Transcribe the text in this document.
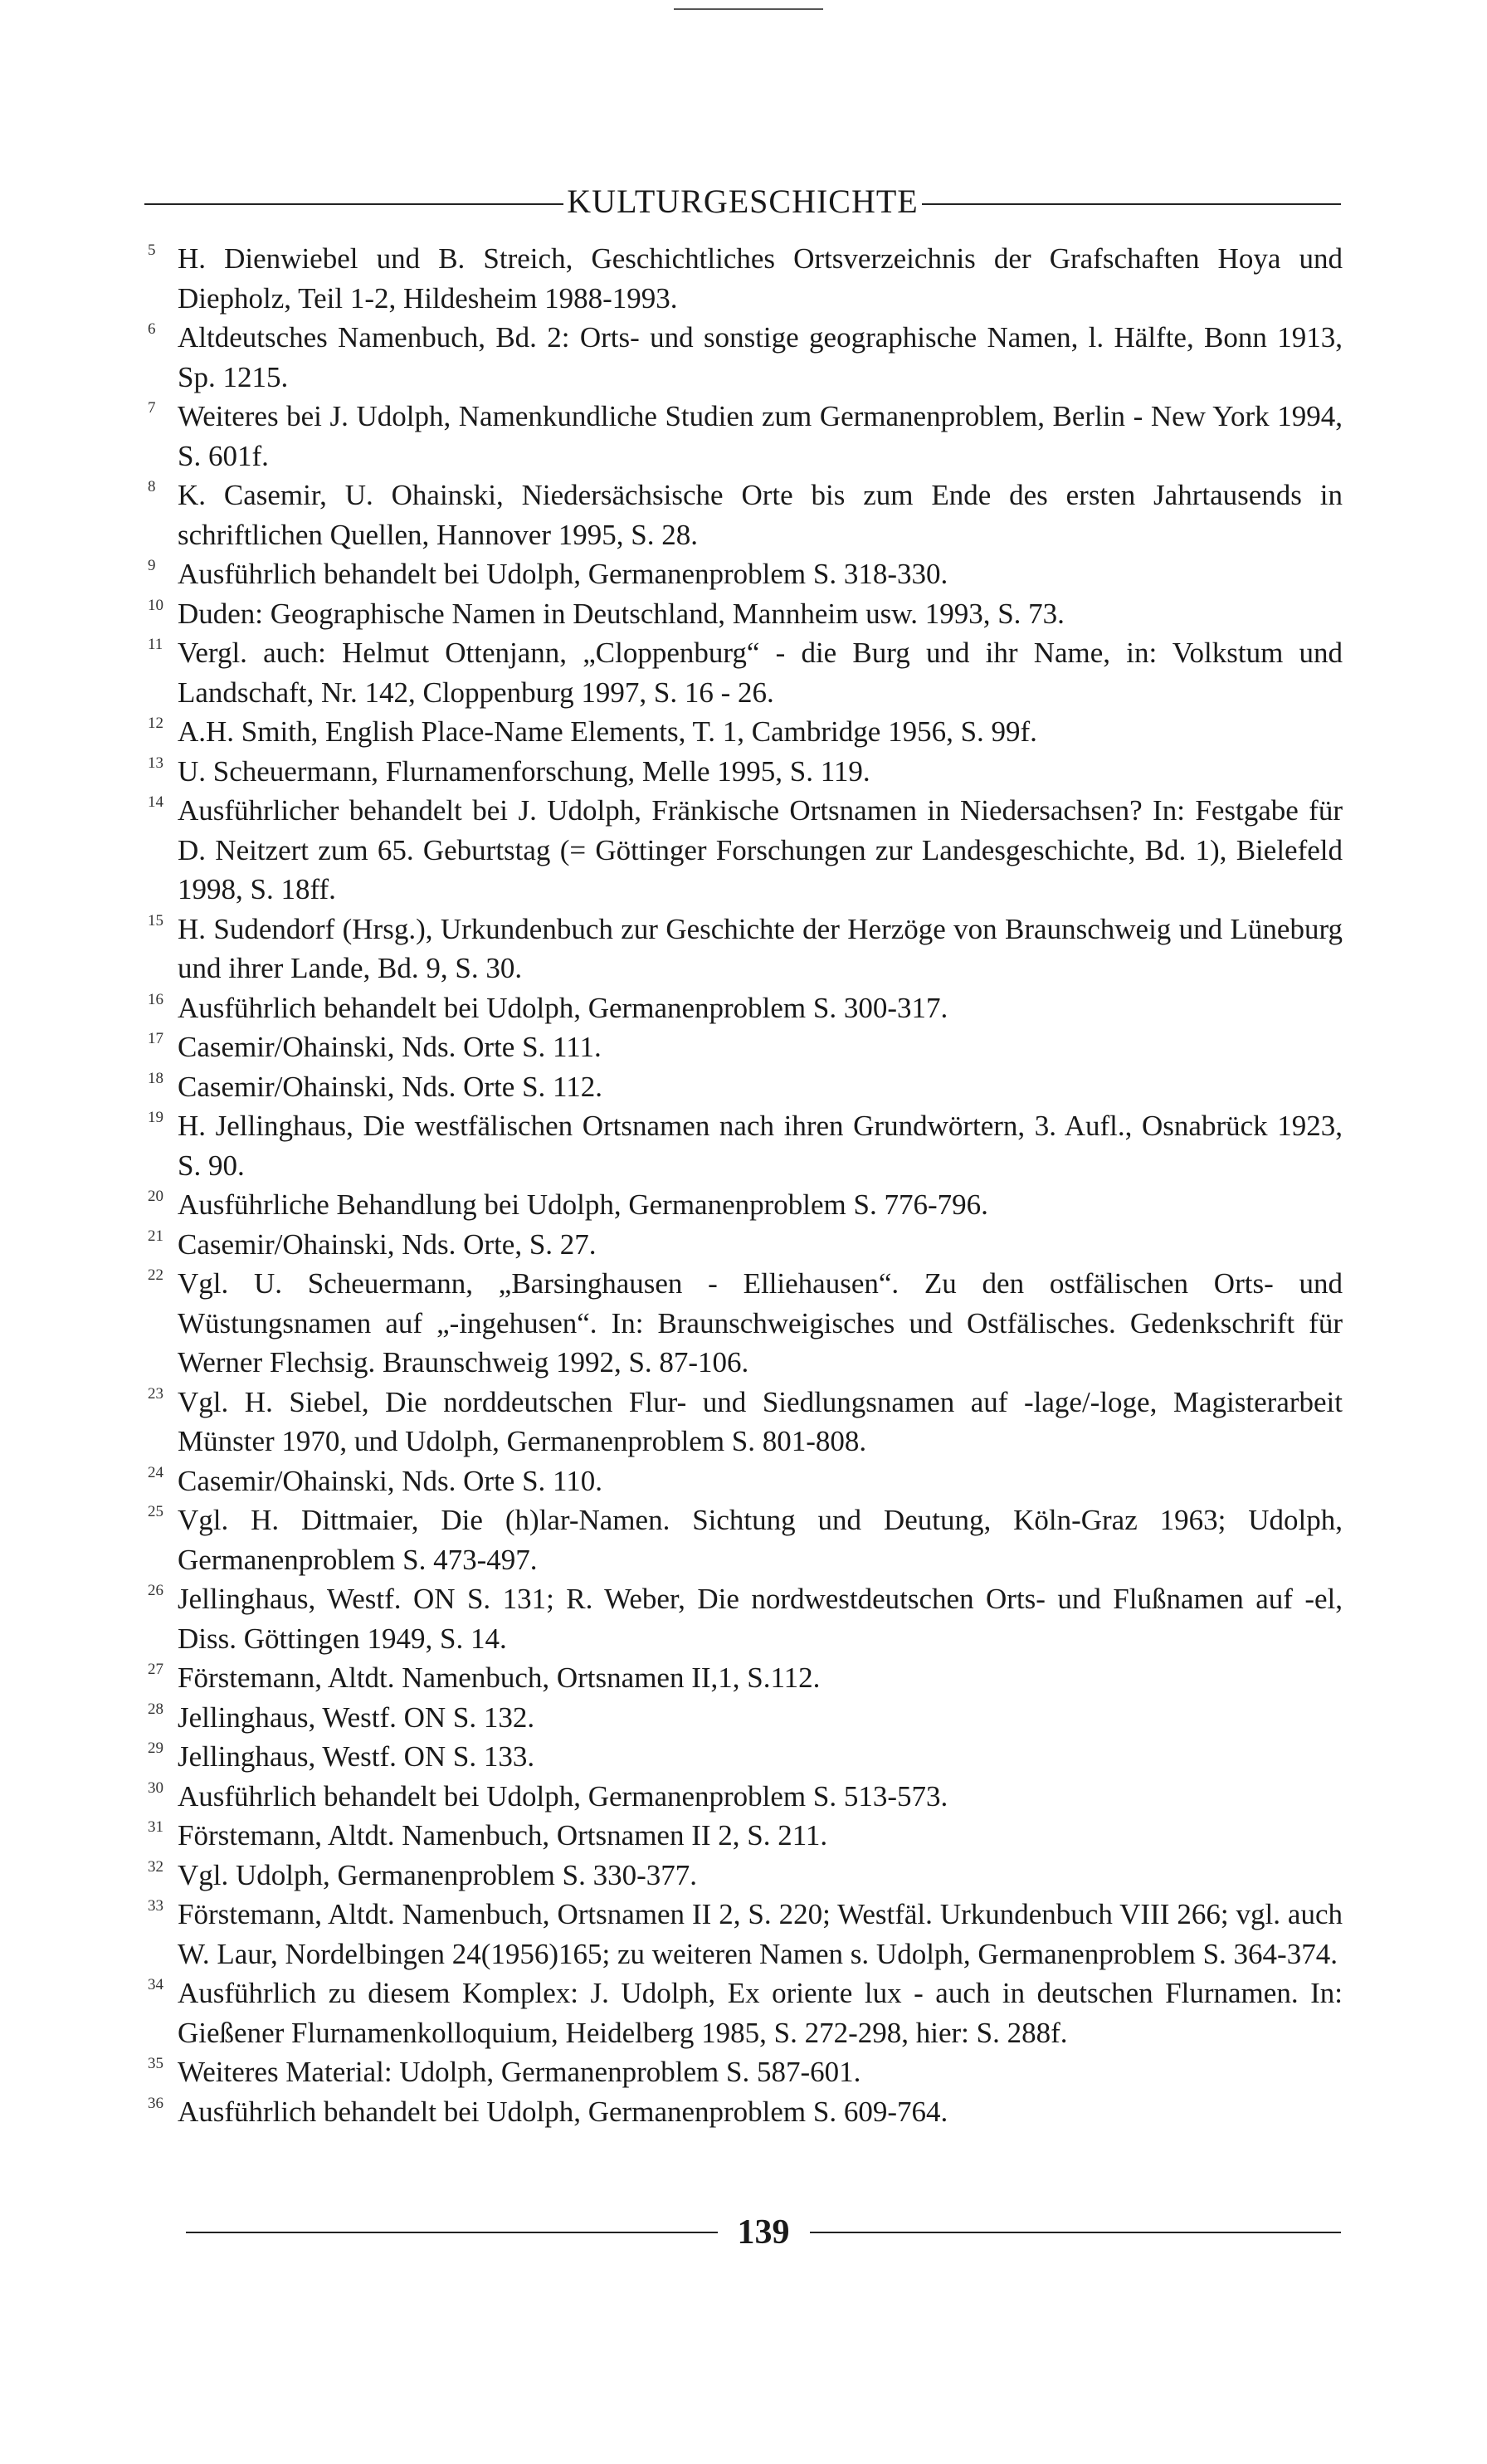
KULTURGESCHICHTE
5 H. Dienwiebel und B. Streich, Geschichtliches Ortsverzeichnis der Grafschaften Hoya und Diepholz, Teil 1-2, Hildesheim 1988-1993.
6 Altdeutsches Namenbuch, Bd. 2: Orts- und sonstige geographische Namen, l. Hälfte, Bonn 1913, Sp. 1215.
7 Weiteres bei J. Udolph, Namenkundliche Studien zum Germanenproblem, Berlin - New York 1994, S. 601f.
8 K. Casemir, U. Ohainski, Niedersächsische Orte bis zum Ende des ersten Jahrtausends in schriftlichen Quellen, Hannover 1995, S. 28.
9 Ausführlich behandelt bei Udolph, Germanenproblem S. 318-330.
10 Duden: Geographische Namen in Deutschland, Mannheim usw. 1993, S. 73.
11 Vergl. auch: Helmut Ottenjann, „Cloppenburg“ - die Burg und ihr Name, in: Volkstum und Landschaft, Nr. 142, Cloppenburg 1997, S. 16 - 26.
12 A.H. Smith, English Place-Name Elements, T. 1, Cambridge 1956, S. 99f.
13 U. Scheuermann, Flurnamenforschung, Melle 1995, S. 119.
14 Ausführlicher behandelt bei J. Udolph, Fränkische Ortsnamen in Niedersachsen? In: Festgabe für D. Neitzert zum 65. Geburtstag (= Göttinger Forschungen zur Landesgeschichte, Bd. 1), Bielefeld 1998, S. 18ff.
15 H. Sudendorf (Hrsg.), Urkundenbuch zur Geschichte der Herzöge von Braunschweig und Lüneburg und ihrer Lande, Bd. 9, S. 30.
16 Ausführlich behandelt bei Udolph, Germanenproblem S. 300-317.
17 Casemir/Ohainski, Nds. Orte S. 111.
18 Casemir/Ohainski, Nds. Orte S. 112.
19 H. Jellinghaus, Die westfälischen Ortsnamen nach ihren Grundwörtern, 3. Aufl., Osnabrück 1923, S. 90.
20 Ausführliche Behandlung bei Udolph, Germanenproblem S. 776-796.
21 Casemir/Ohainski, Nds. Orte, S. 27.
22 Vgl. U. Scheuermann, „Barsinghausen - Elliehausen“. Zu den ostfälischen Orts- und Wüstungsnamen auf „-ingehusen“. In: Braunschweigisches und Ostfälisches. Gedenkschrift für Werner Flechsig. Braunschweig 1992, S. 87-106.
23 Vgl. H. Siebel, Die norddeutschen Flur- und Siedlungsnamen auf -lage/-loge, Magisterarbeit Münster 1970, und Udolph, Germanenproblem S. 801-808.
24 Casemir/Ohainski, Nds. Orte S. 110.
25 Vgl. H. Dittmaier, Die (h)lar-Namen. Sichtung und Deutung, Köln-Graz 1963; Udolph, Germanenproblem S. 473-497.
26 Jellinghaus, Westf. ON S. 131; R. Weber, Die nordwestdeutschen Orts- und Flußnamen auf -el, Diss. Göttingen 1949, S. 14.
27 Förstemann, Altdt. Namenbuch, Ortsnamen II,1, S.112.
28 Jellinghaus, Westf. ON S. 132.
29 Jellinghaus, Westf. ON S. 133.
30 Ausführlich behandelt bei Udolph, Germanenproblem S. 513-573.
31 Förstemann, Altdt. Namenbuch, Ortsnamen II 2, S. 211.
32 Vgl. Udolph, Germanenproblem S. 330-377.
33 Förstemann, Altdt. Namenbuch, Ortsnamen II 2, S. 220; Westfäl. Urkundenbuch VIII 266; vgl. auch W. Laur, Nordelbingen 24(1956)165; zu weiteren Namen s. Udolph, Germanenproblem S. 364-374.
34 Ausführlich zu diesem Komplex: J. Udolph, Ex oriente lux - auch in deutschen Flurnamen. In: Gießener Flurnamenkolloquium, Heidelberg 1985, S. 272-298, hier: S. 288f.
35 Weiteres Material: Udolph, Germanenproblem S. 587-601.
36 Ausführlich behandelt bei Udolph, Germanenproblem S. 609-764.
139
